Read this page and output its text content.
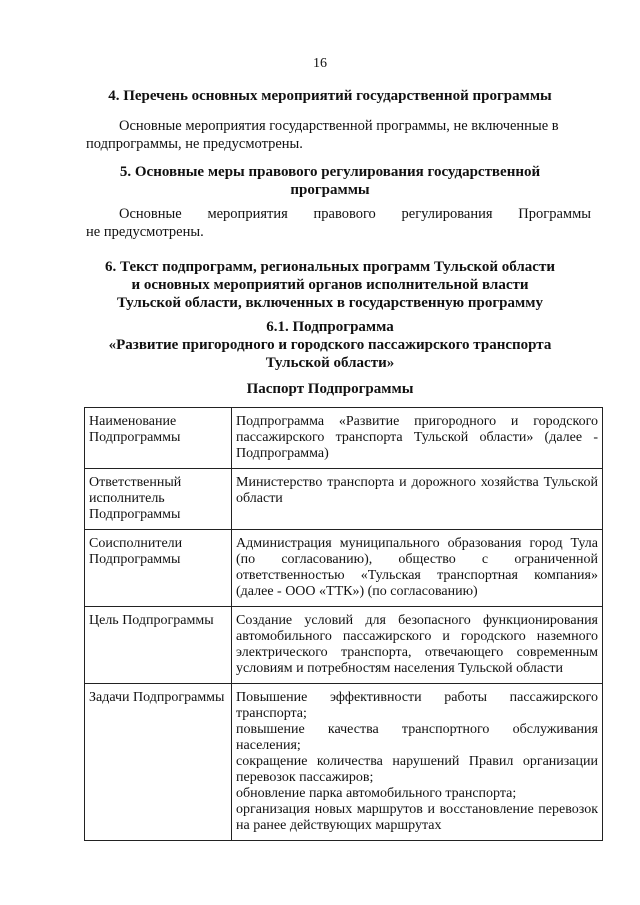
16
4. Перечень основных мероприятий государственной программы
Основные мероприятия государственной программы, не включенные в
подпрограммы, не предусмотрены.
5. Основные меры правового регулирования государственной
программы
Основные мероприятия правового регулирования Программы
не предусмотрены.
6. Текст подпрограмм, региональных программ Тульской области
и основных мероприятий органов исполнительной власти
Тульской области, включенных в государственную программу
6.1. Подпрограмма
«Развитие пригородного и городского пассажирского транспорта
Тульской области»
Паспорт Подпрограммы
Наименование Подпрограммы	Подпрограмма «Развитие пригородного и городского пассажирского транспорта Тульской области» (далее - Подпрограмма)
Ответственный исполнитель Подпрограммы	Министерство транспорта и дорожного хозяйства Тульской области
Соисполнители Подпрограммы	Администрация муниципального образования город Тула (по согласованию), общество с ограниченной ответственностью «Тульская транспортная компания» (далее - ООО «ТТК») (по согласованию)
Цель Подпрограммы	Создание условий для безопасного функционирования автомобильного пассажирского и городского наземного электрического транспорта, отвечающего современным условиям и потребностям населения Тульской области
Задачи Подпрограммы	Повышение эффективности работы пассажирского транспорта;
повышение качества транспортного обслуживания населения;
сокращение количества нарушений Правил организации перевозок пассажиров;
обновление парка автомобильного транспорта;
организация новых маршрутов и восстановление перевозок на ранее действующих маршрутах
